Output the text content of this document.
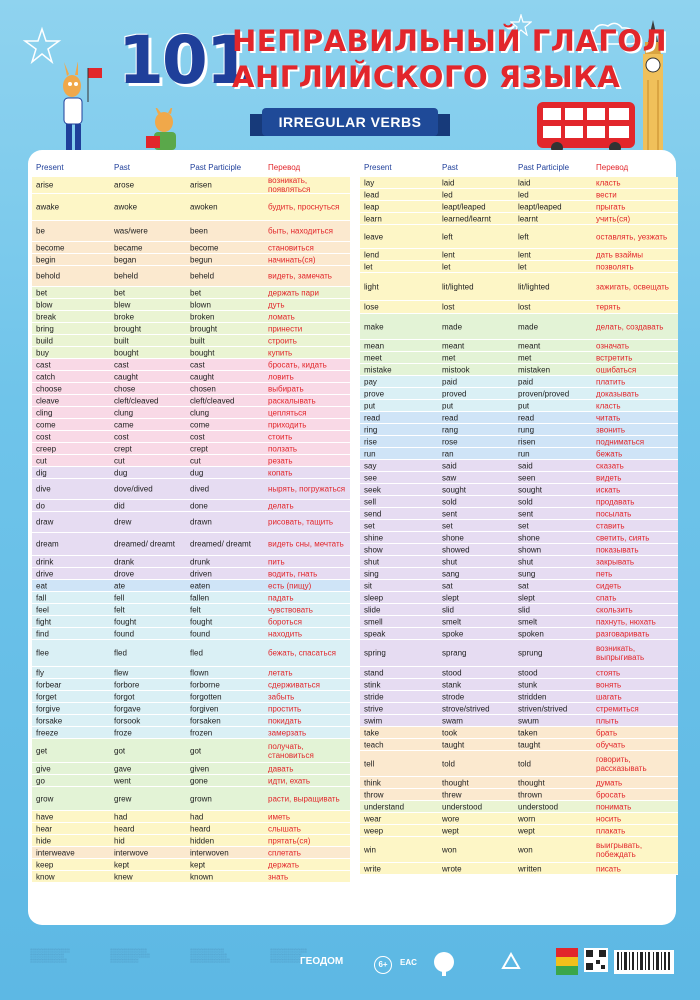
101
НЕПРАВИЛЬНЫЙ ГЛАГОЛ
АНГЛИЙСКОГО ЯЗЫКА
IRREGULAR VERBS
Present	Past	Past Participle	Перевод
arise	arose	arisen	возникать, появляться
awake	awoke	awoken	будить, проснуться
be	was/were	been	быть, находиться
become	became	become	становиться
begin	began	begun	начинать(ся)
behold	beheld	beheld	видеть, замечать
bet	bet	bet	держать пари
blow	blew	blown	дуть
break	broke	broken	ломать
bring	brought	brought	принести
build	built	built	строить
buy	bought	bought	купить
cast	cast	cast	бросать, кидать
catch	caught	caught	ловить
choose	chose	chosen	выбирать
cleave	cleft/cleaved	cleft/cleaved	раскалывать
cling	clung	clung	цепляться
come	came	come	приходить
cost	cost	cost	стоить
creep	crept	crept	ползать
cut	cut	cut	резать
dig	dug	dug	копать
dive	dove/dived	dived	нырять, погружаться
do	did	done	делать
draw	drew	drawn	рисовать, тащить
dream	dreamed/ dreamt	dreamed/ dreamt	видеть сны, мечтать
drink	drank	drunk	пить
drive	drove	driven	водить, гнать
eat	ate	eaten	есть (пищу)
fall	fell	fallen	падать
feel	felt	felt	чувствовать
fight	fought	fought	бороться
find	found	found	находить
flee	fled	fled	бежать, спасаться
fly	flew	flown	летать
forbear	forbore	forborne	сдерживаться
forget	forgot	forgotten	забыть
forgive	forgave	forgiven	простить
forsake	forsook	forsaken	покидать
freeze	froze	frozen	замерзать
get	got	got	получать, становиться
give	gave	given	давать
go	went	gone	идти, ехать
grow	grew	grown	расти, выращивать
have	had	had	иметь
hear	heard	heard	слышать
hide	hid	hidden	прятать(ся)
interweave	interwove	interwoven	сплетать
keep	kept	kept	держать
know	knew	known	знать
Present	Past	Past Participle	Перевод
lay	laid	laid	класть
lead	led	led	вести
leap	leapt/leaped	leapt/leaped	прыгать
learn	learned/learnt	learnt	учить(ся)
leave	left	left	оставлять, уезжать
lend	lent	lent	дать взаймы
let	let	let	позволять
light	lit/lighted	lit/lighted	зажигать, освещать
lose	lost	lost	терять
make	made	made	делать, создавать
mean	meant	meant	означать
meet	met	met	встретить
mistake	mistook	mistaken	ошибаться
pay	paid	paid	платить
prove	proved	proven/proved	доказывать
put	put	put	класть
read	read	read	читать
ring	rang	rung	звонить
rise	rose	risen	подниматься
run	ran	run	бежать
say	said	said	сказать
see	saw	seen	видеть
seek	sought	sought	искать
sell	sold	sold	продавать
send	sent	sent	посылать
set	set	set	ставить
shine	shone	shone	светить, сиять
show	showed	shown	показывать
shut	shut	shut	закрывать
sing	sang	sung	петь
sit	sat	sat	сидеть
sleep	slept	slept	спать
slide	slid	slid	скользить
smell	smelt	smelt	пахнуть, нюхать
speak	spoke	spoken	разговаривать
spring	sprang	sprung	возникать, выпрыгивать
stand	stood	stood	стоять
stink	stank	stunk	вонять
stride	strode	stridden	шагать
strive	strove/strived	striven/strived	стремиться
swim	swam	swum	плыть
take	took	taken	брать
teach	taught	taught	обучать
tell	told	told	говорить, рассказывать
think	thought	thought	думать
throw	threw	thrown	бросать
understand	understood	understood	понимать
wear	wore	worn	носить
weep	wept	wept	плакать
win	won	won	выигрывать, побеждать
write	wrote	written	писать
░░░░░░░░░░░░░░
░░░░░░░░░░░░
░░░░░░░░░░░░░
░░░░░░░░░░░░░
░░░░░░░░░░░░░░
░░░░░░░░░░
░░░░░░░░░░░░
░░░░░░░░░░░░░
░░░░░░░░░░░░░░
░░░░░░░░░░░░░
░░░░░░░░░░░
░░░░░░░░░░░░
ГЕОДОМ	6+	EAC
